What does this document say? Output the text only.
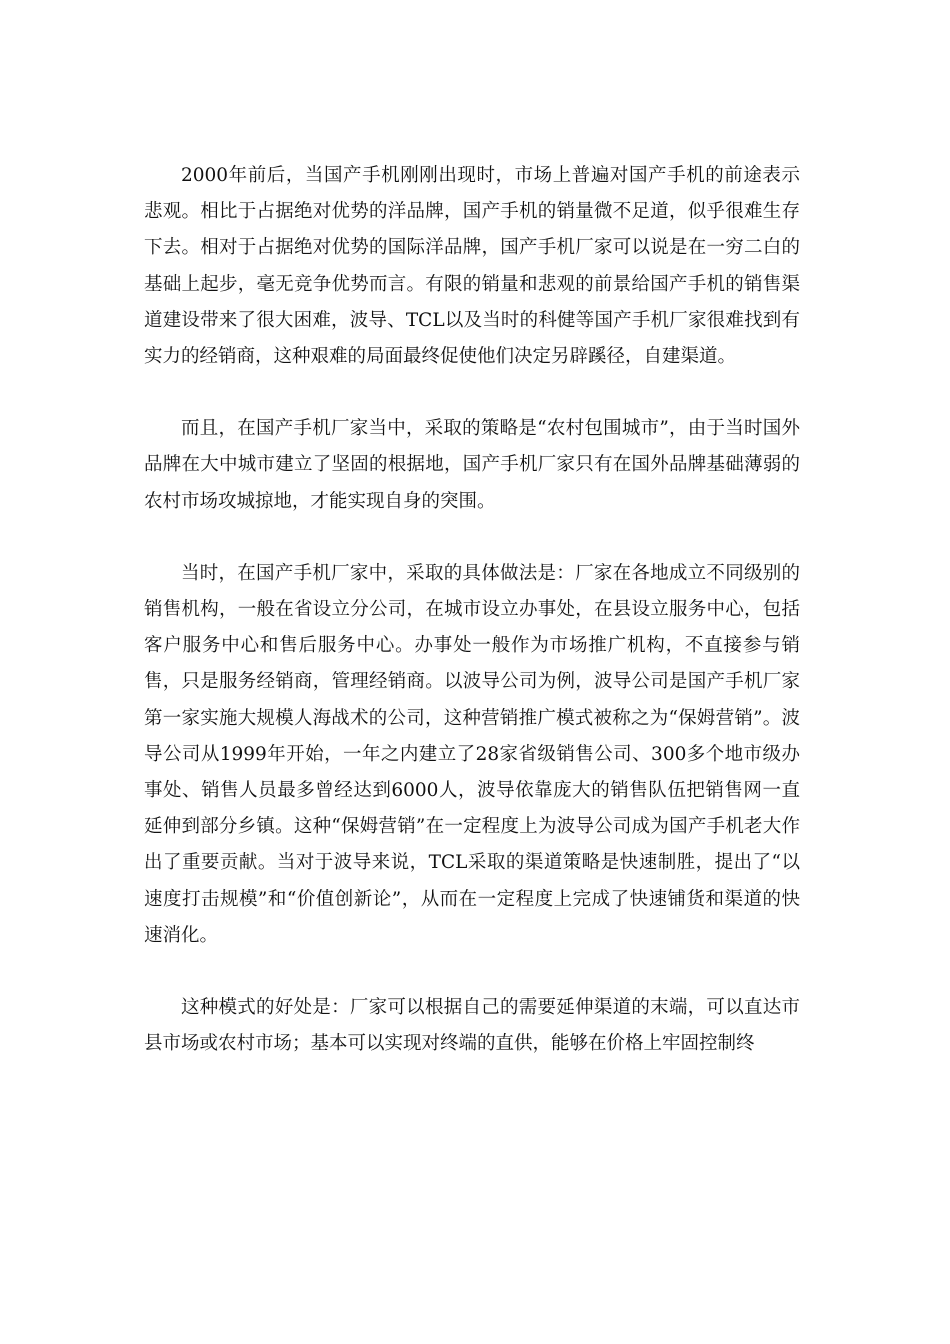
2000年前后，当国产手机刚刚出现时，市场上普遍对国产手机的前途表示悲观。相比于占据绝对优势的洋品牌，国产手机的销量微不足道，似乎很难生存下去。相对于占据绝对优势的国际洋品牌，国产手机厂家可以说是在一穷二白的基础上起步，毫无竞争优势而言。有限的销量和悲观的前景给国产手机的销售渠道建设带来了很大困难，波导、TCL以及当时的科健等国产手机厂家很难找到有实力的经销商，这种艰难的局面最终促使他们决定另辟蹊径，自建渠道。

而且，在国产手机厂家当中，采取的策略是“农村包围城市”，由于当时国外品牌在大中城市建立了坚固的根据地，国产手机厂家只有在国外品牌基础薄弱的农村市场攻城掠地，才能实现自身的突围。

当时，在国产手机厂家中，采取的具体做法是：厂家在各地成立不同级别的销售机构，一般在省设立分公司，在城市设立办事处，在县设立服务中心，包括客户服务中心和售后服务中心。办事处一般作为市场推广机构，不直接参与销售，只是服务经销商，管理经销商。以波导公司为例，波导公司是国产手机厂家第一家实施大规模人海战术的公司，这种营销推广模式被称之为“保姆营销”。波导公司从1999年开始，一年之内建立了28家省级销售公司、300多个地市级办事处、销售人员最多曾经达到6000人，波导依靠庞大的销售队伍把销售网一直延伸到部分乡镇。这种“保姆营销”在一定程度上为波导公司成为国产手机老大作出了重要贡献。当对于波导来说，TCL采取的渠道策略是快速制胜，提出了“以速度打击规模”和“价值创新论”，从而在一定程度上完成了快速铺货和渠道的快速消化。

这种模式的好处是：厂家可以根据自己的需要延伸渠道的末端，可以直达市县市场或农村市场；基本可以实现对终端的直供，能够在价格上牢固控制终
